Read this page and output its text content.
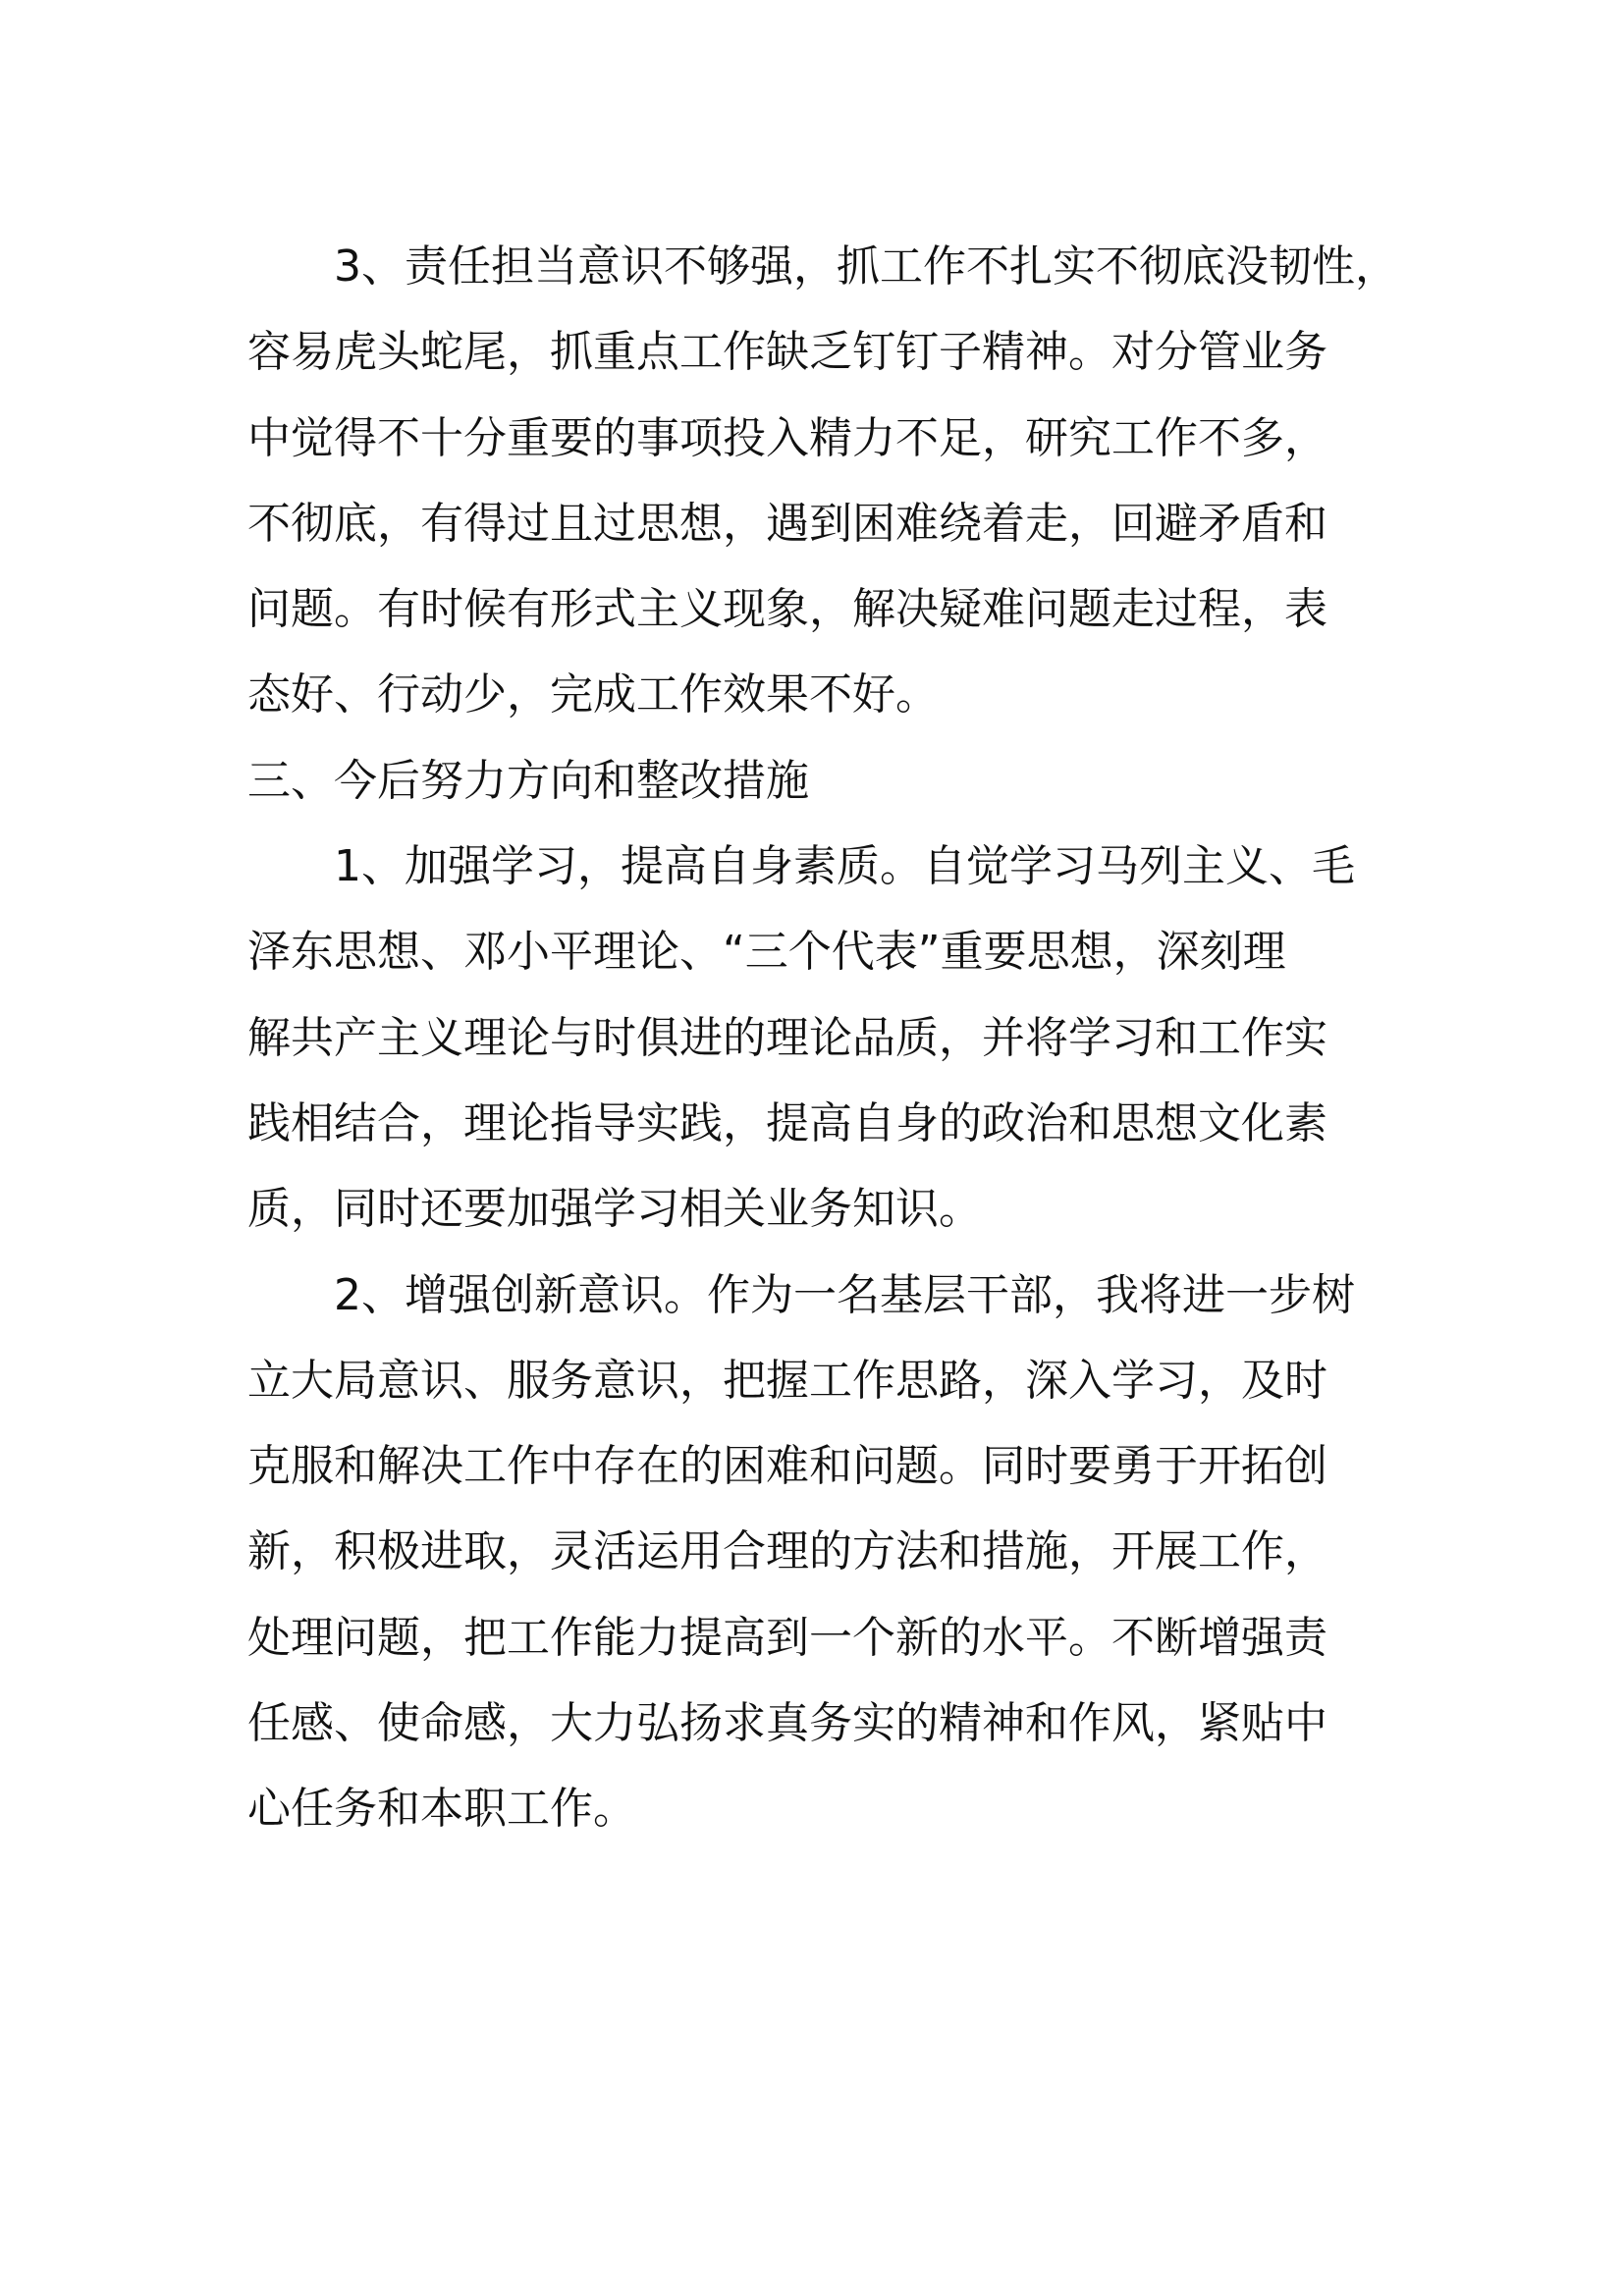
3、责任担当意识不够强，抓工作不扎实不彻底没韧性，
容易虎头蛇尾，抓重点工作缺乏钉钉子精神。对分管业务
中觉得不十分重要的事项投入精力不足，研究工作不多，
不彻底，有得过且过思想，遇到困难绕着走，回避矛盾和
问题。有时候有形式主义现象，解决疑难问题走过程，表
态好、行动少，完成工作效果不好。
三、今后努力方向和整改措施
1、加强学习，提高自身素质。自觉学习马列主义、毛
泽东思想、邓小平理论、“三个代表”重要思想，深刻理
解共产主义理论与时俱进的理论品质，并将学习和工作实
践相结合，理论指导实践，提高自身的政治和思想文化素
质，同时还要加强学习相关业务知识。
2、增强创新意识。作为一名基层干部，我将进一步树
立大局意识、服务意识，把握工作思路，深入学习，及时
克服和解决工作中存在的困难和问题。同时要勇于开拓创
新，积极进取，灵活运用合理的方法和措施，开展工作，
处理问题，把工作能力提高到一个新的水平。不断增强责
任感、使命感，大力弘扬求真务实的精神和作风，紧贴中
心任务和本职工作。
